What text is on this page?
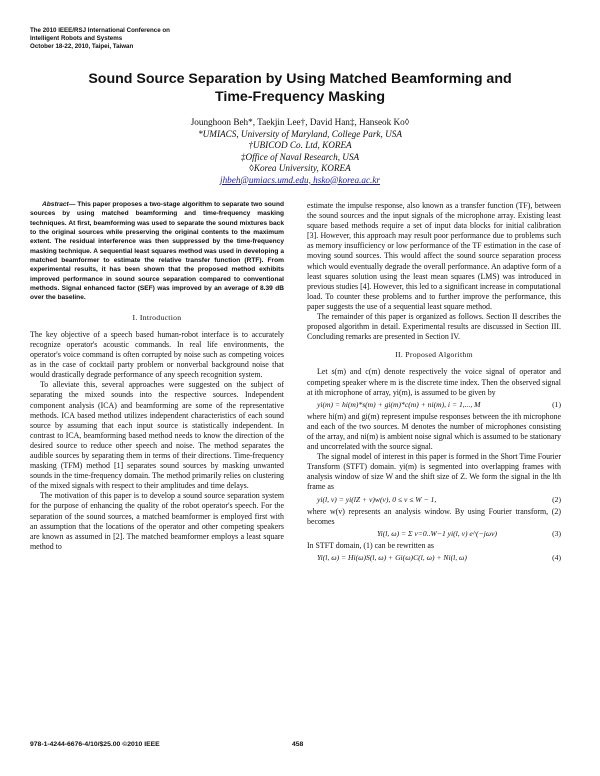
The 2010 IEEE/RSJ International Conference on
Intelligent Robots and Systems
October 18-22, 2010, Taipei, Taiwan
Sound Source Separation by Using Matched Beamforming and
Time-Frequency Masking
Jounghoon Beh*, Taekjin Lee†, David Han‡, Hanseok Ko◊
*UMIACS, University of Maryland, College Park, USA
†UBICOD Co. Ltd, KOREA
‡Office of Naval Research, USA
◊Korea University, KOREA
jhbeh@umiacs.umd.edu, hsko@korea.ac.kr

Abstract— This paper proposes a two-stage algorithm to separate two sound sources by using matched beamforming and time-frequency masking techniques. At first, beamforming was used to separate the sound mixtures back to the original sources while preserving the original contents to the maximum extent. The residual interference was then suppressed by the time-frequency masking technique. A sequential least squares method was used in developing a matched beamformer to estimate the relative transfer function (RTF). From experimental results, it has been shown that the proposed method exhibits improved performance in sound source separation compared to conventional methods. Signal enhanced factor (SEF) was improved by an average of 8.39 dB over the baseline.

I. Introduction

The key objective of a speech based human-robot interface is to accurately recognize operator's acoustic commands. In real life environments, the operator's voice command is often corrupted by noise such as competing voices as in the case of cocktail party problem or nonverbal background noise that would drastically degrade performance of any speech recognition system.

To alleviate this, several approaches were suggested on the subject of separating the mixed sounds into the respective sources. Independent component analysis (ICA) and beamforming are some of the representative methods. ICA based method utilizes independent characteristics of each sound source by assuming that each input source is statistically independent. In contrast to ICA, beamforming based method needs to know the direction of the desired source to reduce other speech and noise. The method separates the audible sources by separating them in terms of their directions. Time-frequency masking (TFM) method [1] separates sound sources by masking unwanted sounds in the time-frequency domain. The method primarily relies on clustering of the mixed signals with respect to their amplitudes and time delays.

The motivation of this paper is to develop a sound source separation system for the purpose of enhancing the quality of the robot operator's speech. For the separation of the sound sources, a matched beamformer is employed first with an assumption that the locations of the operator and other competing speakers are known as assumed in [2]. The matched beamformer employs a least square method to

estimate the impulse response, also known as a transfer function (TF), between the sound sources and the input signals of the microphone array. Existing least square based methods require a set of input data blocks for initial calibration [3]. However, this approach may result poor performance due to problems such as memory insufficiency or low performance of the TF estimation in the case of moving sound sources. This would affect the sound source separation process which would eventually degrade the overall performance. An adaptive form of a least squares solution using the least mean squares (LMS) was introduced in previous studies [4]. However, this led to a significant increase in computational load. To counter these problems and to further improve the performance, this paper suggests the use of a sequential least square method.

The remainder of this paper is organized as follows. Section II describes the proposed algorithm in detail. Experimental results are discussed in Section III. Concluding remarks are presented in Section IV.

II. Proposed Algorithm

Let s(m) and c(m) denote respectively the voice signal of operator and competing speaker where m is the discrete time index. Then the observed signal at ith microphone of array, yi(m), is assumed to be given by

yi(m) = hi(m)*s(m) + gi(m)*c(m) + ni(m), i = 1,..., M	(1)

where hi(m) and gi(m) represent impulse responses between the ith microphone and each of the two sources. M denotes the number of microphones consisting of the array, and ni(m) is ambient noise signal which is assumed to be stationary and uncorrelated with the source signal.

The signal model of interest in this paper is formed in the Short Time Fourier Transform (STFT) domain. yi(m) is segmented into overlapping frames with analysis window of size W and the shift size of Z. We form the signal in the lth frame as

yi(l, v) = yi(lZ + v)w(v), 0 ≤ v ≤ W − 1,	(2)

where w(v) represents an analysis window. By using Fourier transform, (2) becomes

Yi(l, ω) = Σ v=0..W−1 yi(l, v) e^(−jωv)	(3)

In STFT domain, (1) can be rewritten as

Yi(l, ω) = Hi(ω)S(l, ω) + Gi(ω)C(l, ω) + Ni(l, ω)	(4)
978-1-4244-6676-4/10/$25.00 ©2010 IEEE	458
